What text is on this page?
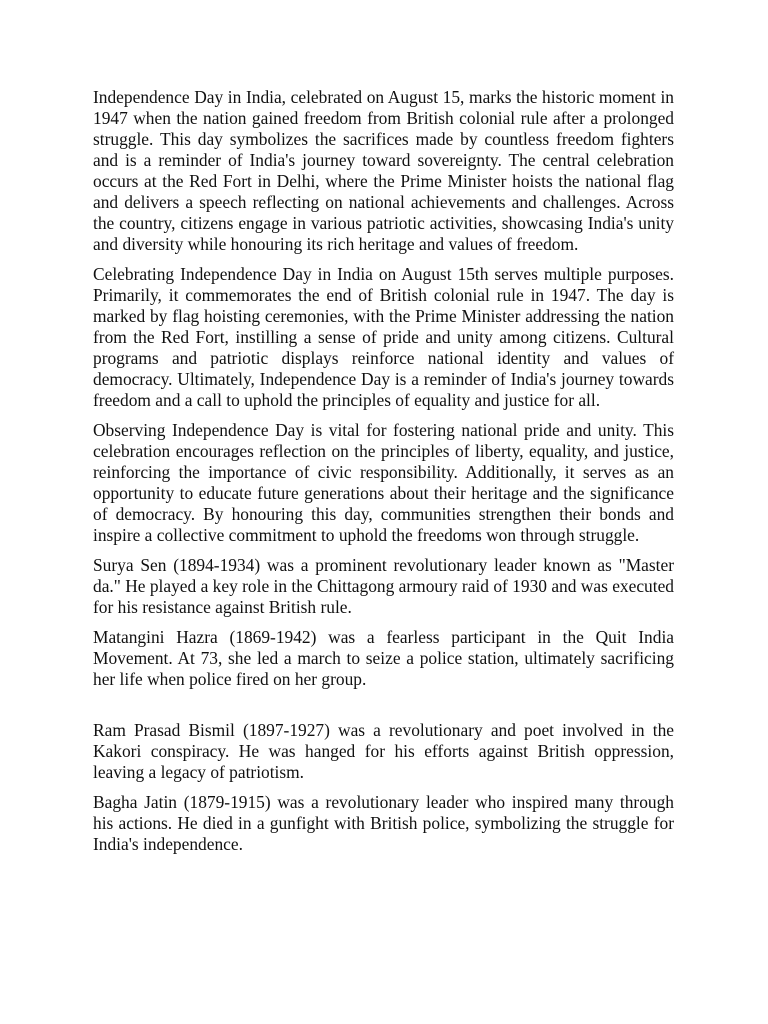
Independence Day in India, celebrated on August 15, marks the historic moment in 1947 when the nation gained freedom from British colonial rule after a prolonged struggle. This day symbolizes the sacrifices made by countless freedom fighters and is a reminder of India's journey toward sovereignty. The central celebration occurs at the Red Fort in Delhi, where the Prime Minister hoists the national flag and delivers a speech reflecting on national achievements and challenges. Across the country, citizens engage in various patriotic activities, showcasing India's unity and diversity while honouring its rich heritage and values of freedom.

Celebrating Independence Day in India on August 15th serves multiple purposes. Primarily, it commemorates the end of British colonial rule in 1947. The day is marked by flag hoisting ceremonies, with the Prime Minister addressing the nation from the Red Fort, instilling a sense of pride and unity among citizens. Cultural programs and patriotic displays reinforce national identity and values of democracy. Ultimately, Independence Day is a reminder of India's journey towards freedom and a call to uphold the principles of equality and justice for all.

Observing Independence Day is vital for fostering national pride and unity. This celebration encourages reflection on the principles of liberty, equality, and justice, reinforcing the importance of civic responsibility. Additionally, it serves as an opportunity to educate future generations about their heritage and the significance of democracy. By honouring this day, communities strengthen their bonds and inspire a collective commitment to uphold the freedoms won through struggle.

Surya Sen (1894-1934) was a prominent revolutionary leader known as "Master da." He played a key role in the Chittagong armoury raid of 1930 and was executed for his resistance against British rule.

Matangini Hazra (1869-1942) was a fearless participant in the Quit India Movement. At 73, she led a march to seize a police station, ultimately sacrificing her life when police fired on her group.

Ram Prasad Bismil (1897-1927) was a revolutionary and poet involved in the Kakori conspiracy. He was hanged for his efforts against British oppression, leaving a legacy of patriotism.

Bagha Jatin (1879-1915) was a revolutionary leader who inspired many through his actions. He died in a gunfight with British police, symbolizing the struggle for India's independence.
